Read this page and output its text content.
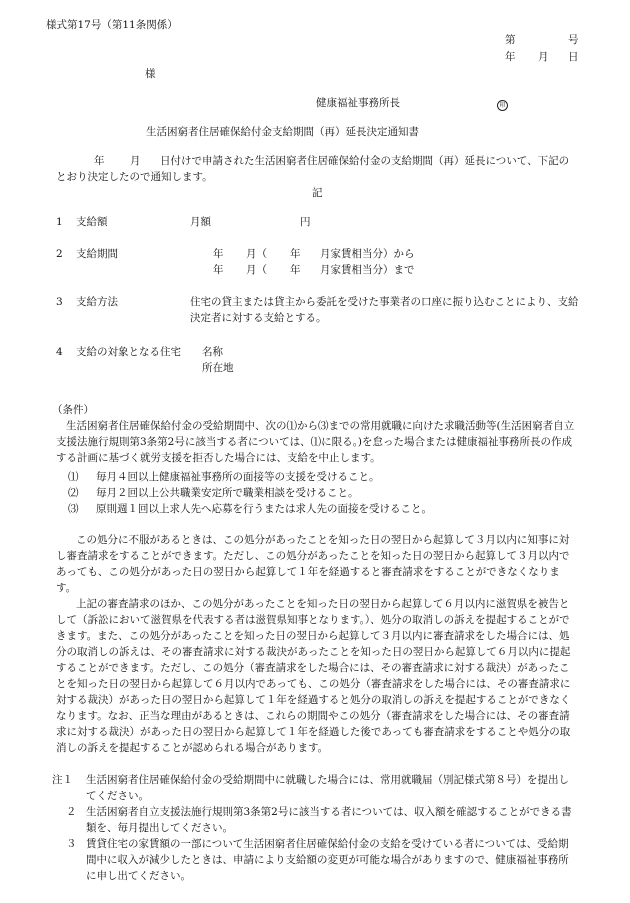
様式第17号（第11条関係）
第	号
年 月 日
様
健康福祉事務所長	印
生活困窮者住居確保給付金支給期間（再）延長決定通知書
年 月 日付けで申請された生活困窮者住居確保給付金の支給期間（再）延長について、下記の
とおり決定したので通知します。
記
1 支給額	月額	円
2 支給期間	年 月（ 年 月家賃相当分）から
年 月（ 年 月家賃相当分）まで
3 支給方法	住宅の貸主または貸主から委託を受けた事業者の口座に振り込むことにより、支給決定者に対する支給とする。
4 支給の対象となる住宅 名称
所在地
（条件）
生活困窮者住居確保給付金の受給期間中、次の⑴から⑶までの常用就職に向けた求職活動等(生活困窮者自立支援法施行規則第3条第2号に該当する者については、⑴に限る。)を怠った場合または健康福祉事務所長の作成する計画に基づく就労支援を拒否した場合には、支給を中止します。
⑴ 毎月４回以上健康福祉事務所の面接等の支援を受けること。
⑵ 毎月２回以上公共職業安定所で職業相談を受けること。
⑶ 原則週１回以上求人先へ応募を行うまたは求人先の面接を受けること。
この処分に不服があるときは、この処分があったことを知った日の翌日から起算して３月以内に知事に対し審査請求をすることができます。ただし、この処分があったことを知った日の翌日から起算して３月以内であっても、この処分があった日の翌日から起算して１年を経過すると審査請求をすることができなくなります。
上記の審査請求のほか、この処分があったことを知った日の翌日から起算して６月以内に滋賀県を被告として（訴訟において滋賀県を代表する者は滋賀県知事となります。）、処分の取消しの訴えを提起することができます。また、この処分があったことを知った日の翌日から起算して３月以内に審査請求をした場合には、処分の取消しの訴えは、その審査請求に対する裁決があったことを知った日の翌日から起算して６月以内に提起することができます。ただし、この処分（審査請求をした場合には、その審査請求に対する裁決）があったことを知った日の翌日から起算して６月以内であっても、この処分（審査請求をした場合には、その審査請求に対する裁決）があった日の翌日から起算して１年を経過すると処分の取消しの訴えを提起することができなくなります。なお、正当な理由があるときは、これらの期間やこの処分（審査請求をした場合には、その審査請求に対する裁決）があった日の翌日から起算して１年を経過した後であっても審査請求をすることや処分の取消しの訴えを提起することが認められる場合があります。
注１ 生活困窮者住居確保給付金の受給期間中に就職した場合には、常用就職届（別記様式第８号）を提出してください。
２ 生活困窮者自立支援法施行規則第3条第2号に該当する者については、収入額を確認することができる書類を、毎月提出してください。
３ 賃貸住宅の家賃額の一部について生活困窮者住居確保給付金の支給を受けている者については、受給期間中に収入が減少したときは、申請により支給額の変更が可能な場合がありますので、健康福祉事務所に申し出てください。
